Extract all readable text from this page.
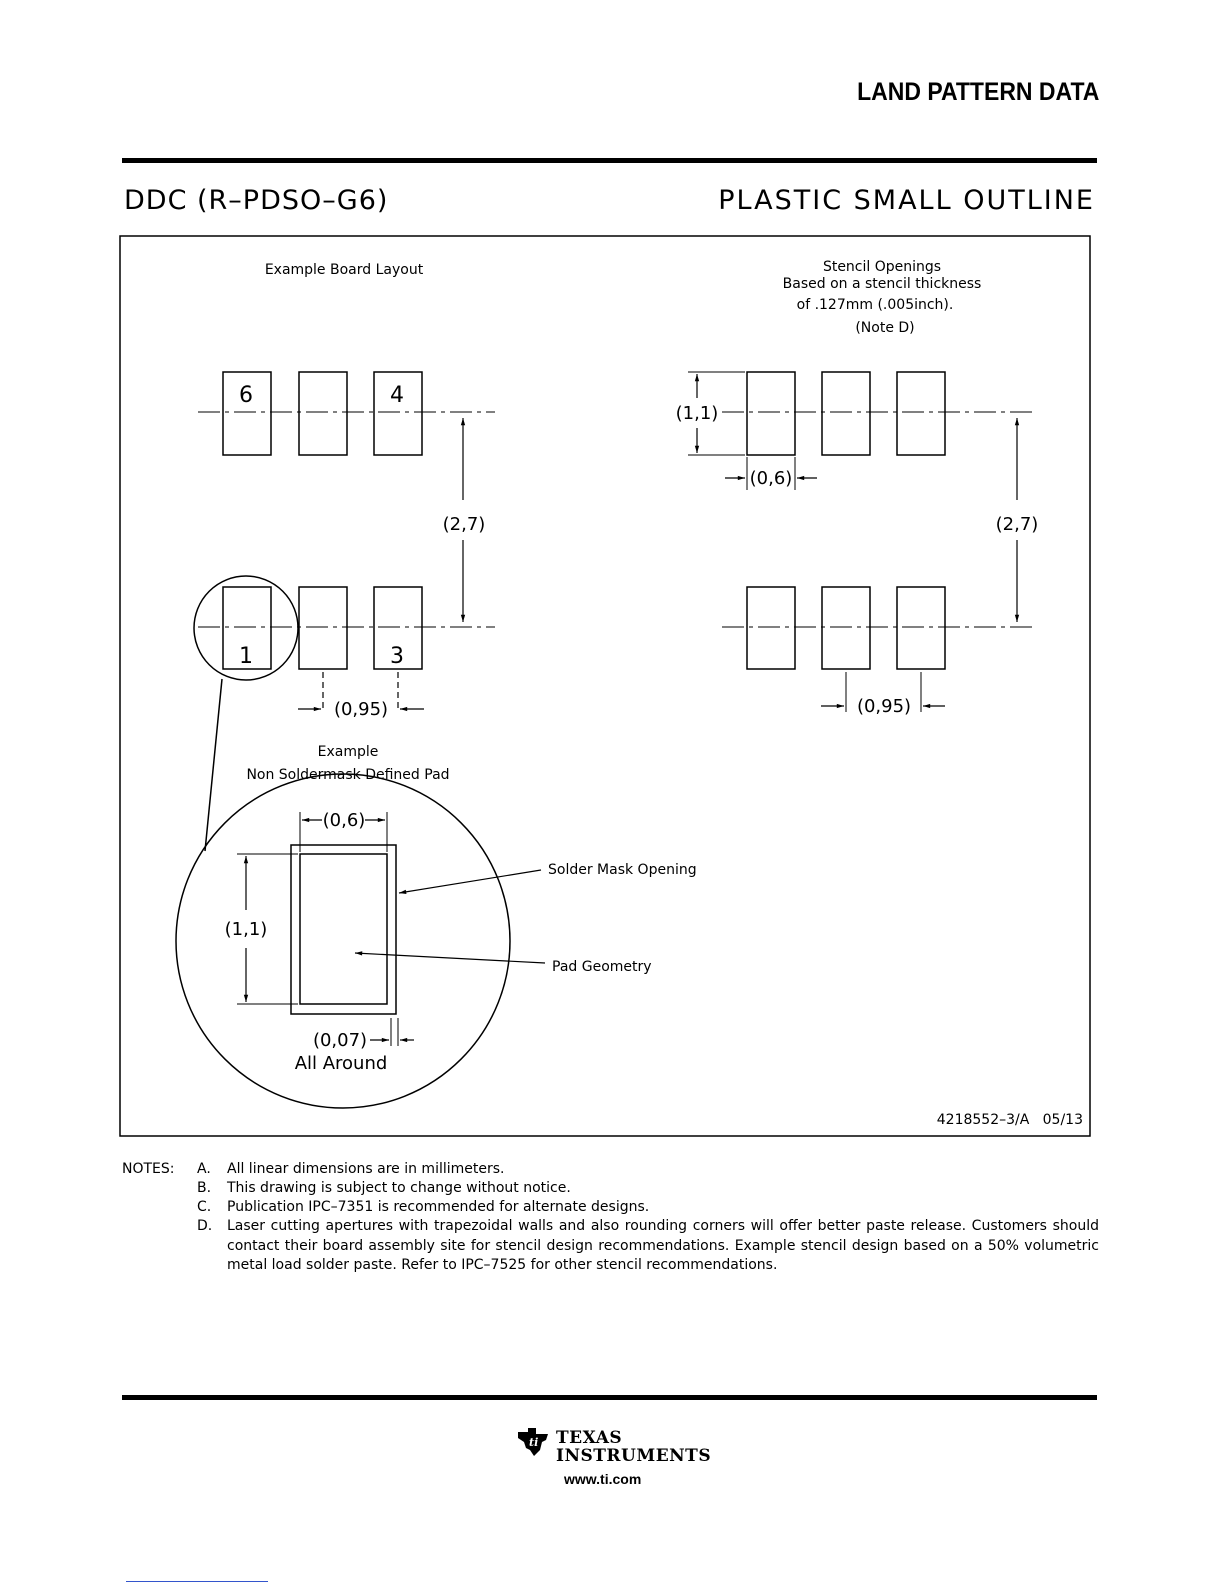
LAND PATTERN DATA
DDC (R–PDSO–G6)	PLASTIC SMALL OUTLINE
Example Board Layout
6	4
1	3
(2,7)
(0,95)
Stencil Openings
Based on a stencil thickness
of .127mm (.005inch).
(Note D)
(1,1)
(0,6)
(2,7)
(0,95)
Example
Non Soldermask Defined Pad
(0,6)
(1,1)
(0,07)
All Around
Solder Mask Opening
Pad Geometry
4218552–3/A   05/13
NOTES: A. All linear dimensions are in millimeters.
B. This drawing is subject to change without notice.
C. Publication IPC–7351 is recommended for alternate designs.
D. Laser cutting apertures with trapezoidal walls and also rounding corners will offer better paste release. Customers should contact their board assembly site for stencil design recommendations. Example stencil design based on a 50% volumetric metal load solder paste. Refer to IPC–7525 for other stencil recommendations.
ti TEXAS
INSTRUMENTS
www.ti.com
